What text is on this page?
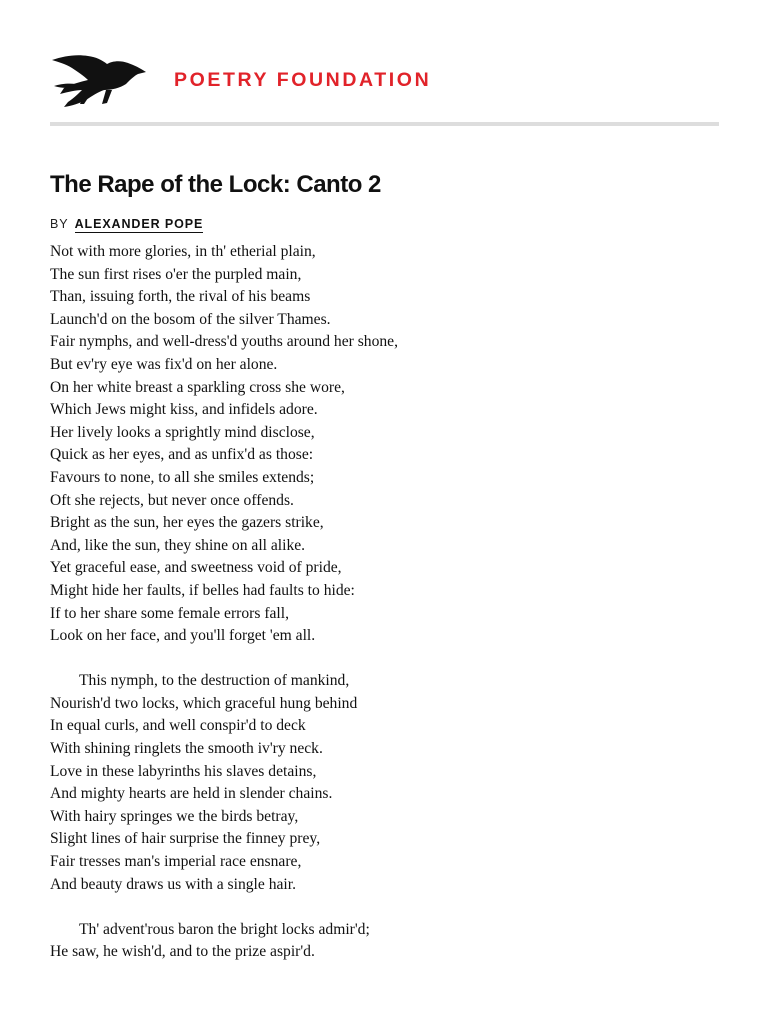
POETRY FOUNDATION
The Rape of the Lock: Canto 2
BY ALEXANDER POPE
Not with more glories, in th' etherial plain,
The sun first rises o'er the purpled main,
Than, issuing forth, the rival of his beams
Launch'd on the bosom of the silver Thames.
Fair nymphs, and well-dress'd youths around her shone,
But ev'ry eye was fix'd on her alone.
On her white breast a sparkling cross she wore,
Which Jews might kiss, and infidels adore.
Her lively looks a sprightly mind disclose,
Quick as her eyes, and as unfix'd as those:
Favours to none, to all she smiles extends;
Oft she rejects, but never once offends.
Bright as the sun, her eyes the gazers strike,
And, like the sun, they shine on all alike.
Yet graceful ease, and sweetness void of pride,
Might hide her faults, if belles had faults to hide:
If to her share some female errors fall,
Look on her face, and you'll forget 'em all.
This nymph, to the destruction of mankind,
Nourish'd two locks, which graceful hung behind
In equal curls, and well conspir'd to deck
With shining ringlets the smooth iv'ry neck.
Love in these labyrinths his slaves detains,
And mighty hearts are held in slender chains.
With hairy springes we the birds betray,
Slight lines of hair surprise the finney prey,
Fair tresses man's imperial race ensnare,
And beauty draws us with a single hair.
Th' advent'rous baron the bright locks admir'd;
He saw, he wish'd, and to the prize aspir'd.
